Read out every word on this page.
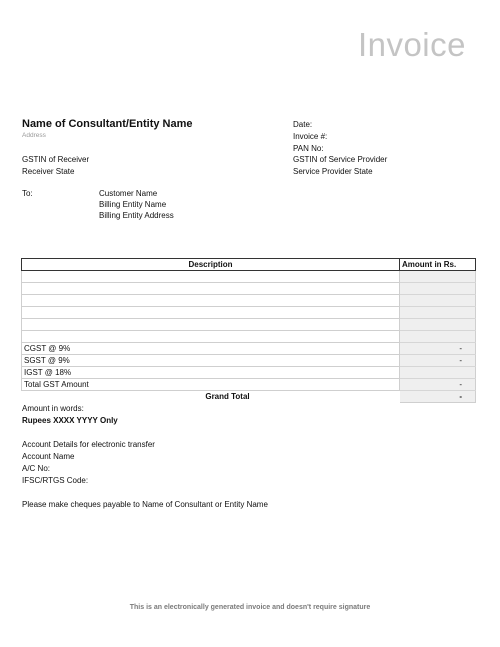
Invoice
Name of Consultant/Entity Name
Address
GSTIN of Receiver
Receiver State
Date:
Invoice #:
PAN No:
GSTIN of Service Provider
Service Provider State
To:	Customer Name
Billing Entity Name
Billing Entity Address
Description	Amount in Rs.

CGST @ 9%	-
SGST @ 9%	-
IGST @ 18%	
Total GST Amount	-
Grand Total	-
Amount in words:
Rupees XXXX YYYY Only
Account Details for electronic transfer
Account Name
A/C No:
IFSC/RTGS Code:
Please make cheques payable to Name of Consultant or Entity Name
This is an electronically generated invoice and doesn't require signature
